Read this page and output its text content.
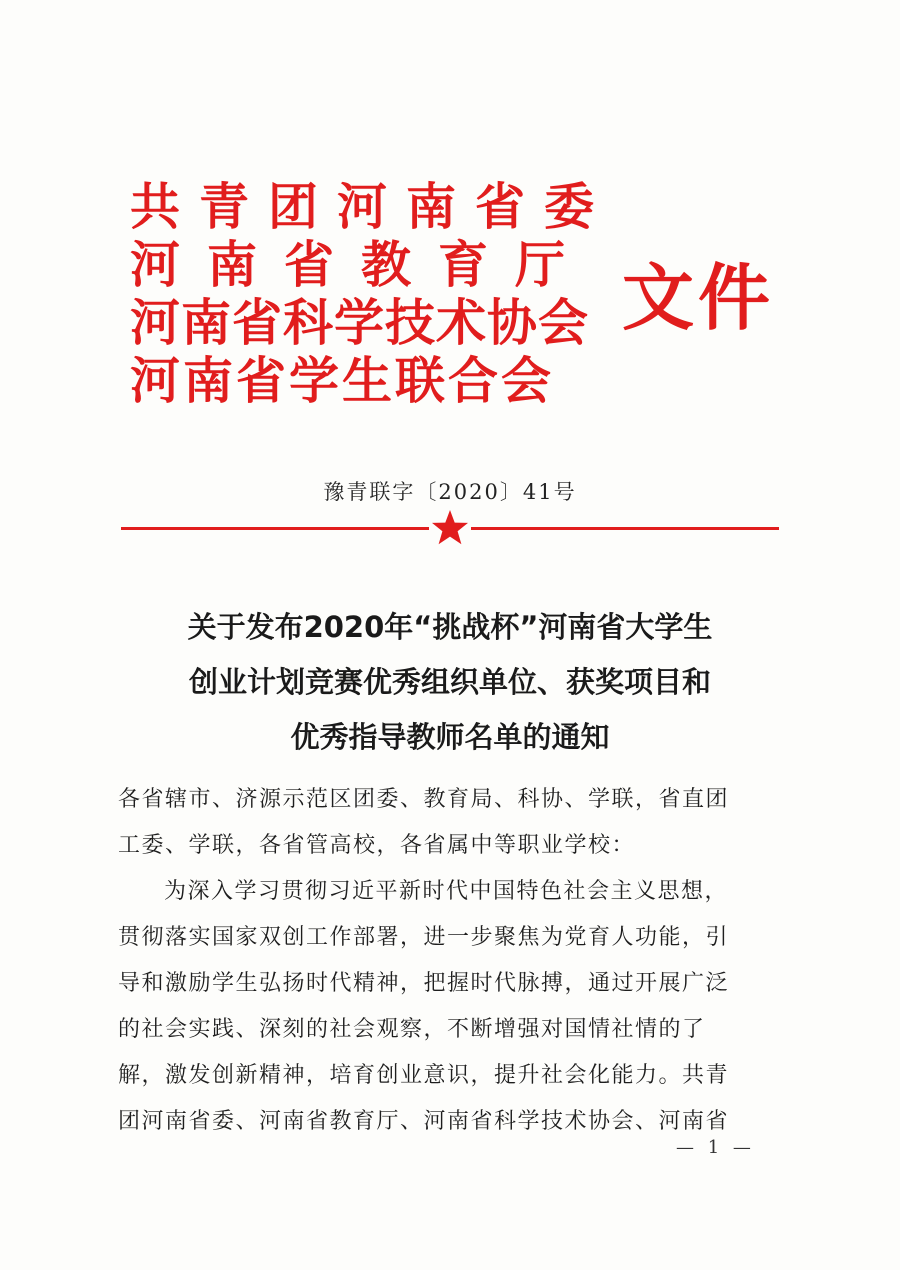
共青团河南省委
河南省教育厅
河南省科学技术协会
河南省学生联合会
文件
豫青联字〔2020〕41号
关于发布2020年“挑战杯”河南省大学生
创业计划竞赛优秀组织单位、获奖项目和
优秀指导教师名单的通知
各省辖市、济源示范区团委、教育局、科协、学联，省直团
工委、学联，各省管高校，各省属中等职业学校：
为深入学习贯彻习近平新时代中国特色社会主义思想，
贯彻落实国家双创工作部署，进一步聚焦为党育人功能，引
导和激励学生弘扬时代精神，把握时代脉搏，通过开展广泛
的社会实践、深刻的社会观察，不断增强对国情社情的了
解，激发创新精神，培育创业意识，提升社会化能力。共青
团河南省委、河南省教育厅、河南省科学技术协会、河南省
— 1 —
